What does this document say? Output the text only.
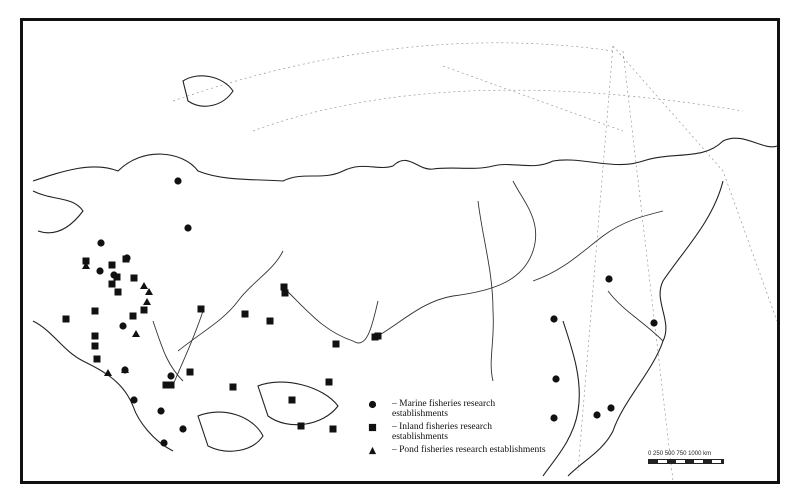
– Marine fisheries research establishments
– Inland fisheries research establishments
– Pond fisheries research establishments	0 250 500 750 1000 km
